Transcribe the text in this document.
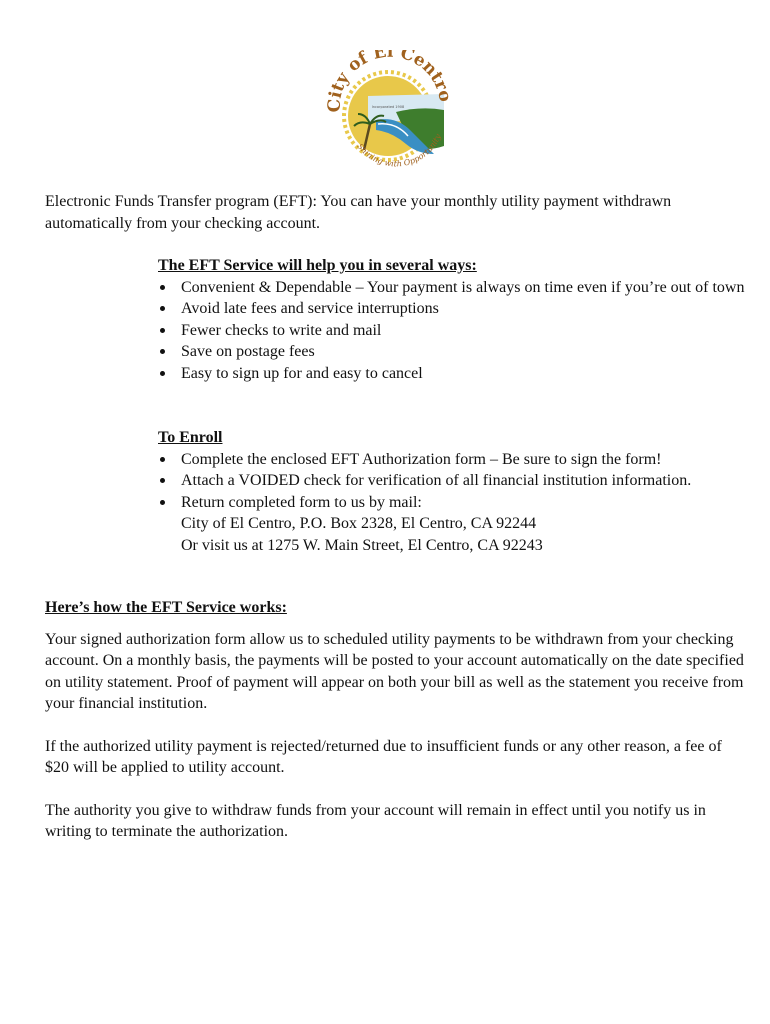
City of El Centro
Shining with Opportunity
Incorporated 1908

Electronic Funds Transfer program (EFT): You can have your monthly utility payment withdrawn automatically from your checking account.

The EFT Service will help you in several ways:

Convenient & Dependable – Your payment is always on time even if you’re out of town
Avoid late fees and service interruptions
Fewer checks to write and mail
Save on postage fees
Easy to sign up for and easy to cancel

To Enroll

Complete the enclosed EFT Authorization form – Be sure to sign the form!
Attach a VOIDED check for verification of all financial institution information.
Return completed form to us by mail:
City of El Centro, P.O. Box 2328, El Centro, CA 92244
Or visit us at 1275 W. Main Street, El Centro, CA 92243

Here’s how the EFT Service works:

Your signed authorization form allow us to scheduled utility payments to be withdrawn from your checking account. On a monthly basis, the payments will be posted to your account automatically on the date specified on utility statement. Proof of payment will appear on both your bill as well as the statement you receive from your financial institution.

If the authorized utility payment is rejected/returned due to insufficient funds or any other reason, a fee of $20 will be applied to utility account.

The authority you give to withdraw funds from your account will remain in effect until you notify us in writing to terminate the authorization.
